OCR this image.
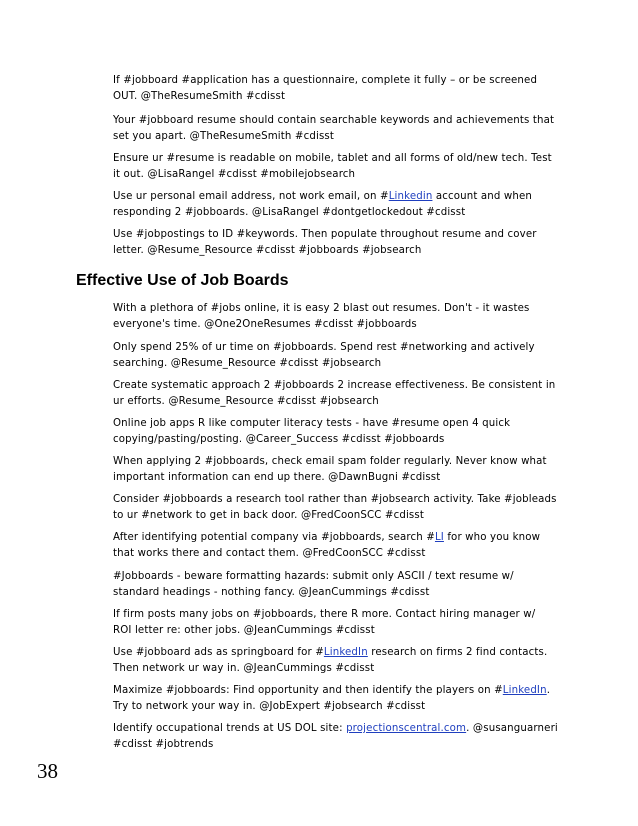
If #jobboard #application has a questionnaire, complete it fully – or be screened
OUT. @TheResumeSmith #cdisst

Your #jobboard resume should contain searchable keywords and achievements that
set you apart. @TheResumeSmith #cdisst

Ensure ur #resume is readable on mobile, tablet and all forms of old/new tech. Test
it out. @LisaRangel #cdisst #mobilejobsearch

Use ur personal email address, not work email, on #Linkedin account and when
responding 2 #jobboards. @LisaRangel #dontgetlockedout #cdisst

Use #jobpostings to ID #keywords. Then populate throughout resume and cover
letter. @Resume_Resource #cdisst #jobboards #jobsearch

Effective Use of Job Boards

With a plethora of #jobs online, it is easy 2 blast out resumes. Don't - it wastes
everyone's time. @One2OneResumes #cdisst #jobboards

Only spend 25% of ur time on #jobboards. Spend rest #networking and actively
searching. @Resume_Resource #cdisst #jobsearch

Create systematic approach 2 #jobboards 2 increase effectiveness. Be consistent in
ur efforts. @Resume_Resource #cdisst #jobsearch

Online job apps R like computer literacy tests - have #resume open 4 quick
copying/pasting/posting. @Career_Success #cdisst #jobboards

When applying 2 #jobboards, check email spam folder regularly. Never know what
important information can end up there. @DawnBugni #cdisst

Consider #jobboards a research tool rather than #jobsearch activity. Take #jobleads
to ur #network to get in back door. @FredCoonSCC #cdisst

After identifying potential company via #jobboards, search #LI for who you know
that works there and contact them. @FredCoonSCC #cdisst

#Jobboards - beware formatting hazards: submit only ASCII / text resume w/
standard headings - nothing fancy. @JeanCummings #cdisst

If firm posts many jobs on #jobboards, there R more. Contact hiring manager w/
ROI letter re: other jobs. @JeanCummings #cdisst

Use #jobboard ads as springboard for #LinkedIn research on firms 2 find contacts.
Then network ur way in. @JeanCummings #cdisst

Maximize #jobboards: Find opportunity and then identify the players on #LinkedIn.
Try to network your way in. @JobExpert #jobsearch #cdisst

Identify occupational trends at US DOL site: projectionscentral.com. @susanguarneri
#cdisst #jobtrends

38
